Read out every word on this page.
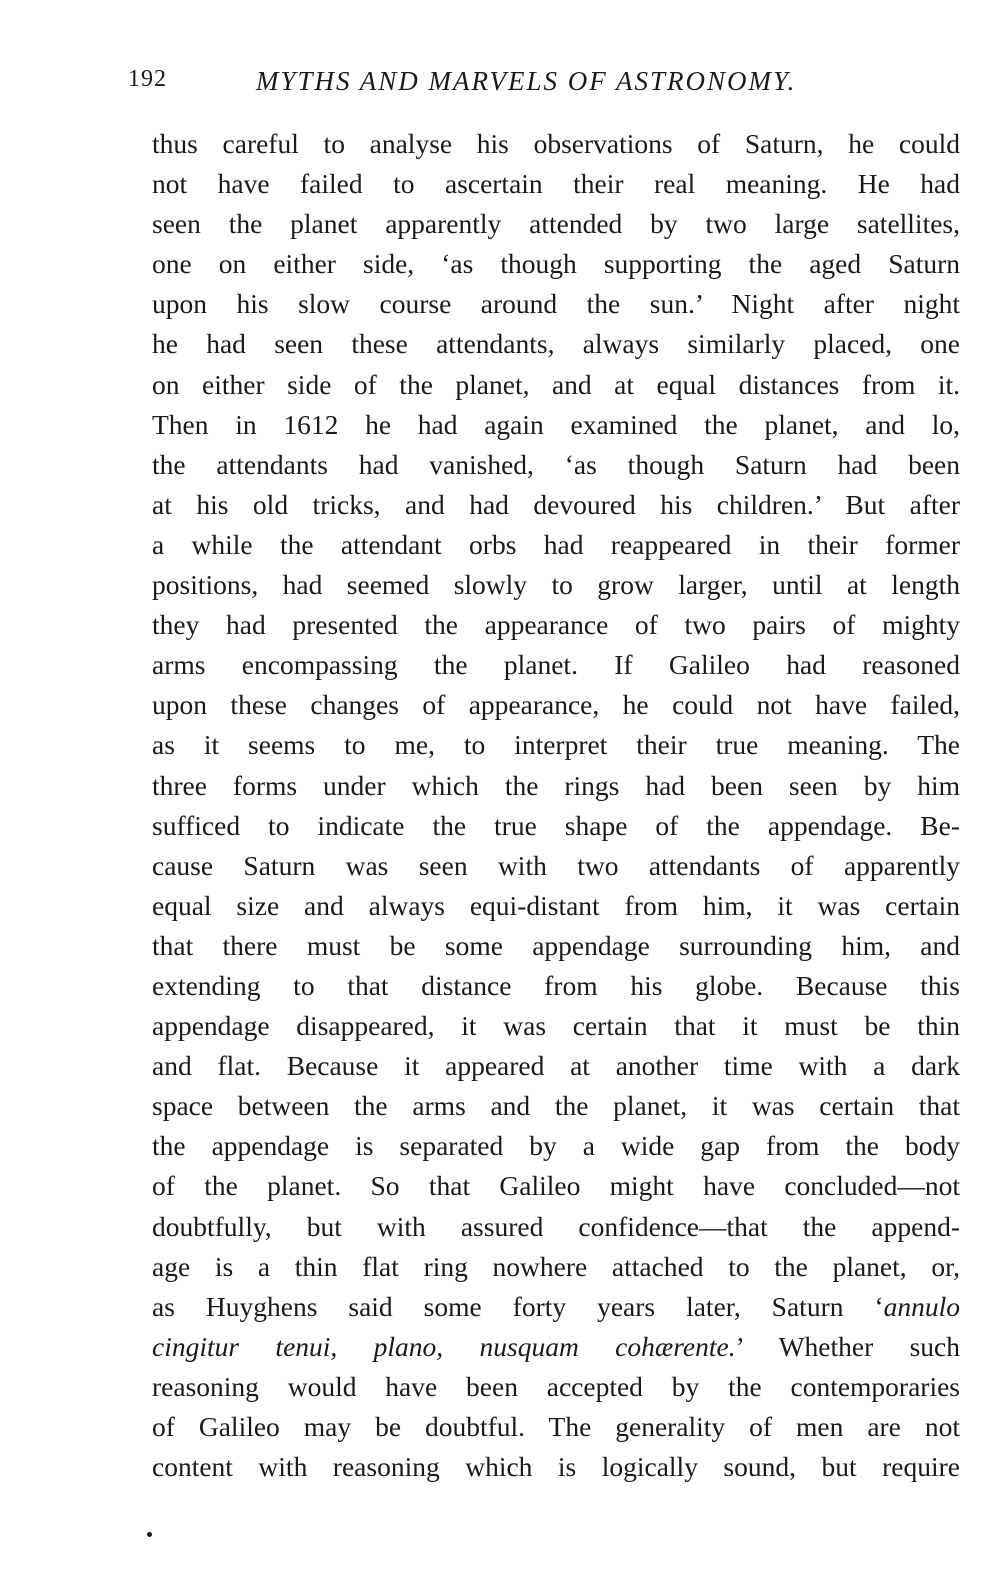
192	MYTHS AND MARVELS OF ASTRONOMY.
thus careful to analyse his observations of Saturn, he could
not have failed to ascertain their real meaning. He had
seen the planet apparently attended by two large satellites,
one on either side, ‘as though supporting the aged Saturn
upon his slow course around the sun.’ Night after night
he had seen these attendants, always similarly placed, one
on either side of the planet, and at equal distances from it.
Then in 1612 he had again examined the planet, and lo,
the attendants had vanished, ‘as though Saturn had been
at his old tricks, and had devoured his children.’ But after
a while the attendant orbs had reappeared in their former
positions, had seemed slowly to grow larger, until at length
they had presented the appearance of two pairs of mighty
arms encompassing the planet. If Galileo had reasoned
upon these changes of appearance, he could not have failed,
as it seems to me, to interpret their true meaning. The
three forms under which the rings had been seen by him
sufficed to indicate the true shape of the appendage. Be-
cause Saturn was seen with two attendants of apparently
equal size and always equi-distant from him, it was certain
that there must be some appendage surrounding him, and
extending to that distance from his globe. Because this
appendage disappeared, it was certain that it must be thin
and flat. Because it appeared at another time with a dark
space between the arms and the planet, it was certain that
the appendage is separated by a wide gap from the body
of the planet. So that Galileo might have concluded—not
doubtfully, but with assured confidence—that the append-
age is a thin flat ring nowhere attached to the planet, or,
as Huyghens said some forty years later, Saturn ‘annulo
cingitur tenui, plano, nusquam cohærente.’ Whether such
reasoning would have been accepted by the contemporaries
of Galileo may be doubtful. The generality of men are not
content with reasoning which is logically sound, but require
